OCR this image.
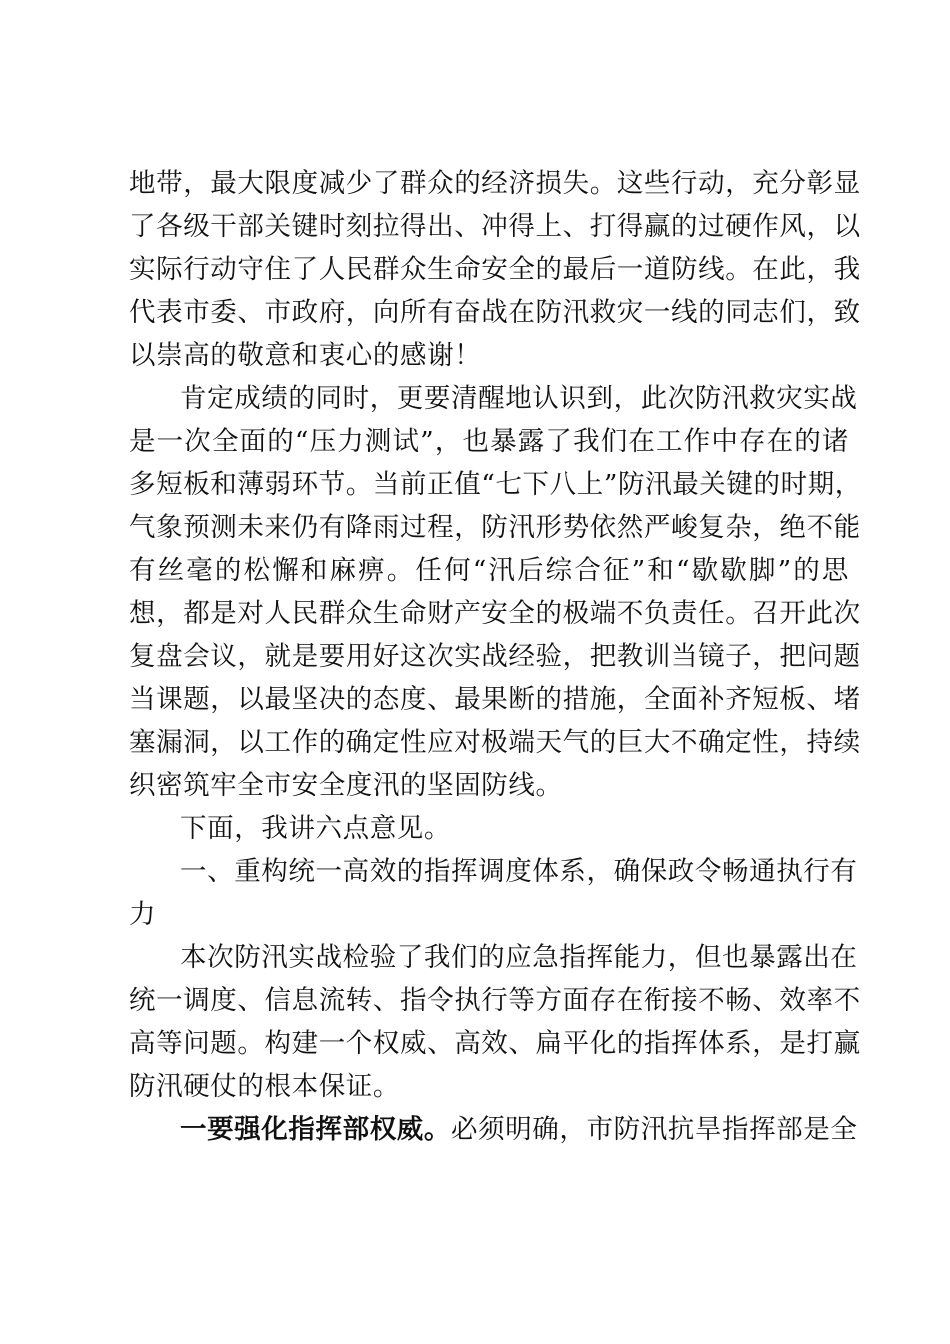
地带，最大限度减少了群众的经济损失。这些行动，充分彰显
了各级干部关键时刻拉得出、冲得上、打得赢的过硬作风，以
实际行动守住了人民群众生命安全的最后一道防线。在此，我
代表市委、市政府，向所有奋战在防汛救灾一线的同志们，致
以崇高的敬意和衷心的感谢！
肯定成绩的同时，更要清醒地认识到，此次防汛救灾实战
是一次全面的“压力测试”，也暴露了我们在工作中存在的诸
多短板和薄弱环节。当前正值“七下八上”防汛最关键的时期，
气象预测未来仍有降雨过程，防汛形势依然严峻复杂，绝不能
有丝毫的松懈和麻痹。任何“汛后综合征”和“歇歇脚”的思
想，都是对人民群众生命财产安全的极端不负责任。召开此次
复盘会议，就是要用好这次实战经验，把教训当镜子，把问题
当课题，以最坚决的态度、最果断的措施，全面补齐短板、堵
塞漏洞，以工作的确定性应对极端天气的巨大不确定性，持续
织密筑牢全市安全度汛的坚固防线。
下面，我讲六点意见。
一、重构统一高效的指挥调度体系，确保政令畅通执行有
力
本次防汛实战检验了我们的应急指挥能力，但也暴露出在
统一调度、信息流转、指令执行等方面存在衔接不畅、效率不
高等问题。构建一个权威、高效、扁平化的指挥体系，是打赢
防汛硬仗的根本保证。
一要强化指挥部权威。必须明确，市防汛抗旱指挥部是全
